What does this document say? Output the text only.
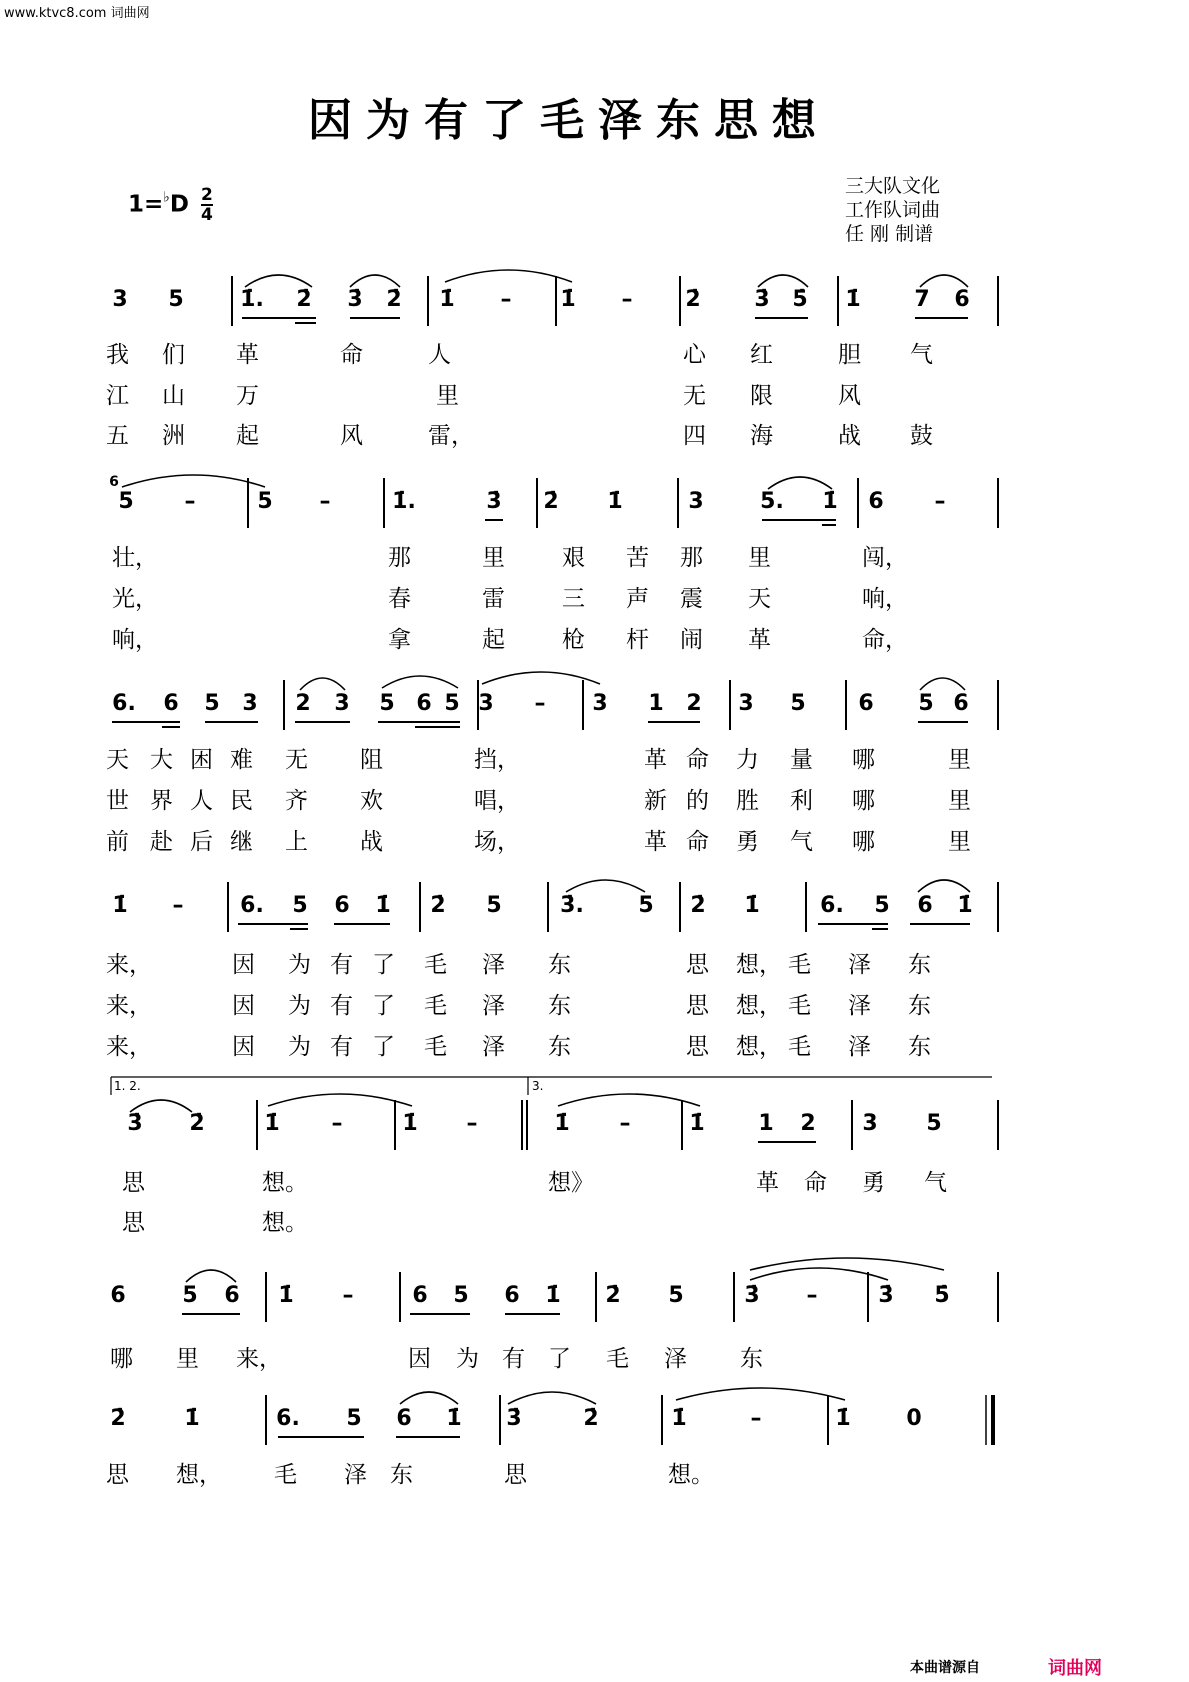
www.ktvc8.com 词曲网
因为有了毛泽东思想
$1=^♭D \frac{2}{4}$	三大队文化
工作队词曲
任 刚 制谱
3 5	1̇. 2̇ 3̇ 2̇ 1̇ – 1̇ – 2̇ 3̇ 5̇ 1̇ 7 6
6
5 –	5 –	1̇.	3̇ 2̇ 1̇	3	5. 1̇ 6 –
6. 6 5 3 2 3 5 6 5 3 – 3 1 2 3 5 6 5 6
1̇ –	6. 5 6 1̇ 2̇ 5	3̇. 5 2̇ 1̇	6. 5 6 1̇
1. 2.	3.
3̇ 2̇	1̇ –	1̇ –	1̇ –	1̇ 1 2 3 5
6	5 6 1̇ –	6 5 6 1̇ 2̇ 5	3̇ –	3̇ 5̇
2̇	1̇	6. 5 6 1̇ 3̇	2̇	1̇	–	1̇	0
我 们 革	命	人	心 红	胆 气
江 山 万	里	无 限	风
五 洲 起	风	雷，	四 海	战 鼓
壮，	那	里 艰 苦 那 里	闯，
光，	春	雷 三 声 震 天	响，
响，	拿	起 枪 杆 闹 革	命，
天 大 困 难 无 阻	挡，	革 命 力 量 哪	里
世 界 人 民 齐 欢	唱，	新 的 胜 利 哪	里
前 赴 后 继 上 战	场，	革 命 勇 气 哪	里
来，	因 为 有 了 毛 泽 东	思 想， 毛 泽 东
来，	因 为 有 了 毛 泽 东	思 想， 毛 泽 东
来，	因 为 有 了 毛 泽 东	思 想， 毛 泽 东
思	想。	想》	革 命 勇 气
思	想。
哪 里 来，	因 为 有 了 毛 泽 东
思 想， 毛 泽 东	思	想。
本曲谱源自	词曲网
